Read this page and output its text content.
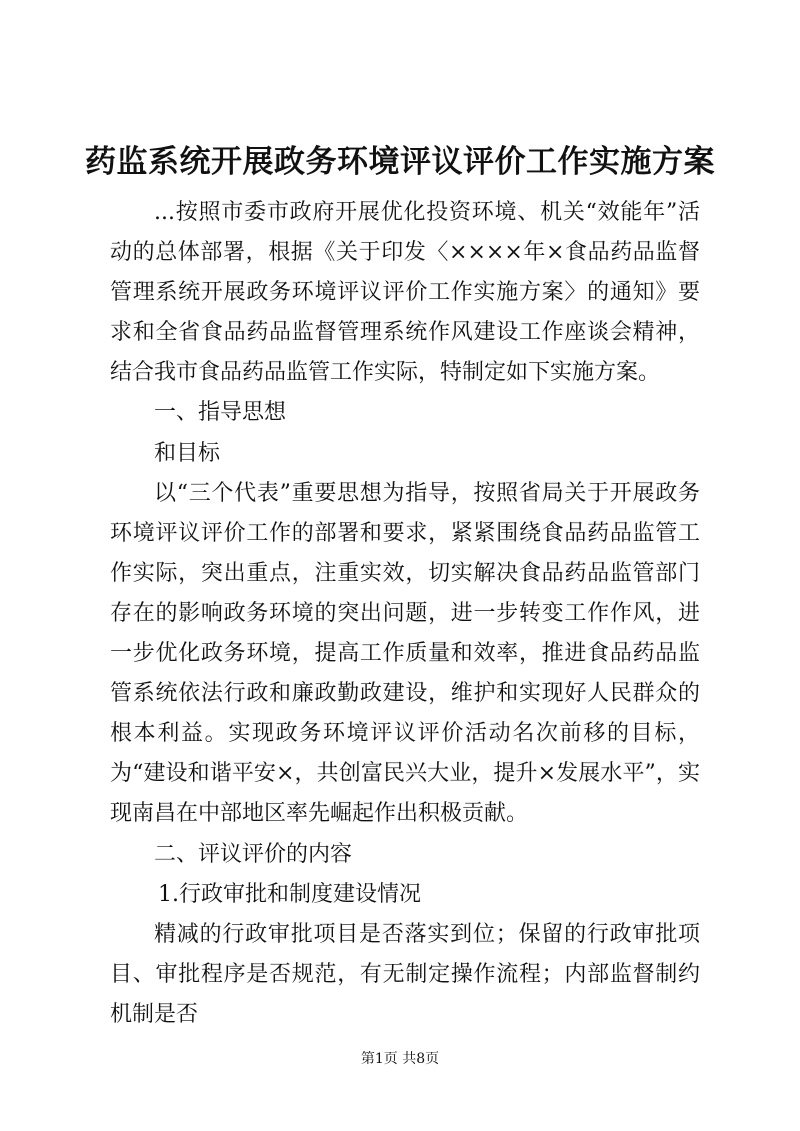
药监系统开展政务环境评议评价工作实施方案

...按照市委市政府开展优化投资环境、机关“效能年”活动的总体部署，根据《关于印发〈××××年×食品药品监督管理系统开展政务环境评议评价工作实施方案〉的通知》要求和全省食品药品监督管理系统作风建设工作座谈会精神，结合我市食品药品监管工作实际，特制定如下实施方案。

一、指导思想

和目标

以“三个代表”重要思想为指导，按照省局关于开展政务环境评议评价工作的部署和要求，紧紧围绕食品药品监管工作实际，突出重点，注重实效，切实解决食品药品监管部门存在的影响政务环境的突出问题，进一步转变工作作风，进一步优化政务环境，提高工作质量和效率，推进食品药品监管系统依法行政和廉政勤政建设，维护和实现好人民群众的根本利益。实现政务环境评议评价活动名次前移的目标，为“建设和谐平安×，共创富民兴大业，提升×发展水平”，实现南昌在中部地区率先崛起作出积极贡献。

二、评议评价的内容

1.行政审批和制度建设情况

精减的行政审批项目是否落实到位；保留的行政审批项目、审批程序是否规范，有无制定操作流程；内部监督制约机制是否

第1页 共8页
